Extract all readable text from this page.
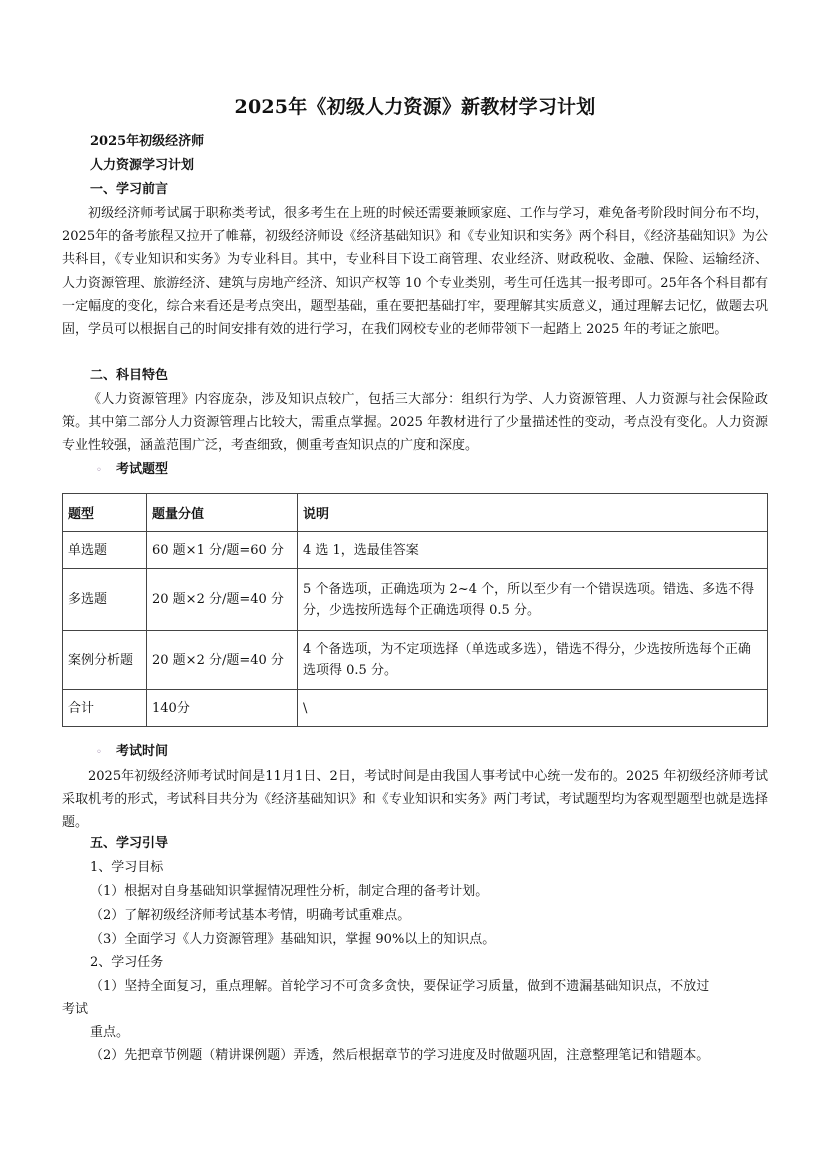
2025年《初级人力资源》新教材学习计划
2025年初级经济师
人力资源学习计划
一、学习前言
初级经济师考试属于职称类考试，很多考生在上班的时候还需要兼顾家庭、工作与学习，难免备考阶段时间分布不均，2025年的备考旅程又拉开了帷幕，初级经济师设《经济基础知识》和《专业知识和实务》两个科目，《经济基础知识》为公共科目，《专业知识和实务》为专业科目。其中，专业科目下设工商管理、农业经济、财政税收、金融、保险、运输经济、人力资源管理、旅游经济、建筑与房地产经济、知识产权等 10 个专业类别，考生可任选其一报考即可。25年各个科目都有一定幅度的变化，综合来看还是考点突出，题型基础，重在要把基础打牢，要理解其实质意义，通过理解去记忆，做题去巩固，学员可以根据自己的时间安排有效的进行学习，在我们网校专业的老师带领下一起踏上 2025 年的考证之旅吧。
二、科目特色
《人力资源管理》内容庞杂，涉及知识点较广，包括三大部分：组织行为学、人力资源管理、人力资源与社会保险政策。其中第二部分人力资源管理占比较大，需重点掌握。2025 年教材进行了少量描述性的变动，考点没有变化。人力资源专业性较强，涵盖范围广泛，考查细致，侧重考查知识点的广度和深度。
◦ 考试题型
题型	题量分值	说明
单选题	60 题×1 分/题=60 分	4 选 1，选最佳答案
多选题	20 题×2 分/题=40 分	5 个备选项，正确选项为 2~4 个，所以至少有一个错误选项。错选、多选不得分，少选按所选每个正确选项得 0.5 分。
案例分析题	20 题×2 分/题=40 分	4 个备选项，为不定项选择（单选或多选），错选不得分，少选按所选每个正确选项得 0.5 分。
合计	140分	\
◦ 考试时间
2025年初级经济师考试时间是11月1日、2日，考试时间是由我国人事考试中心统一发布的。2025 年初级经济师考试采取机考的形式，考试科目共分为《经济基础知识》和《专业知识和实务》两门考试，考试题型均为客观型题型也就是选择题。
五、学习引导
1、学习目标
（1）根据对自身基础知识掌握情况理性分析，制定合理的备考计划。
（2）了解初级经济师考试基本考情，明确考试重难点。
（3）全面学习《人力资源管理》基础知识，掌握 90%以上的知识点。
2、学习任务
（1）坚持全面复习，重点理解。首轮学习不可贪多贪快，要保证学习质量，做到不遗漏基础知识点，不放过
考试
重点。
（2）先把章节例题（精讲课例题）弄透，然后根据章节的学习进度及时做题巩固，注意整理笔记和错题本。
